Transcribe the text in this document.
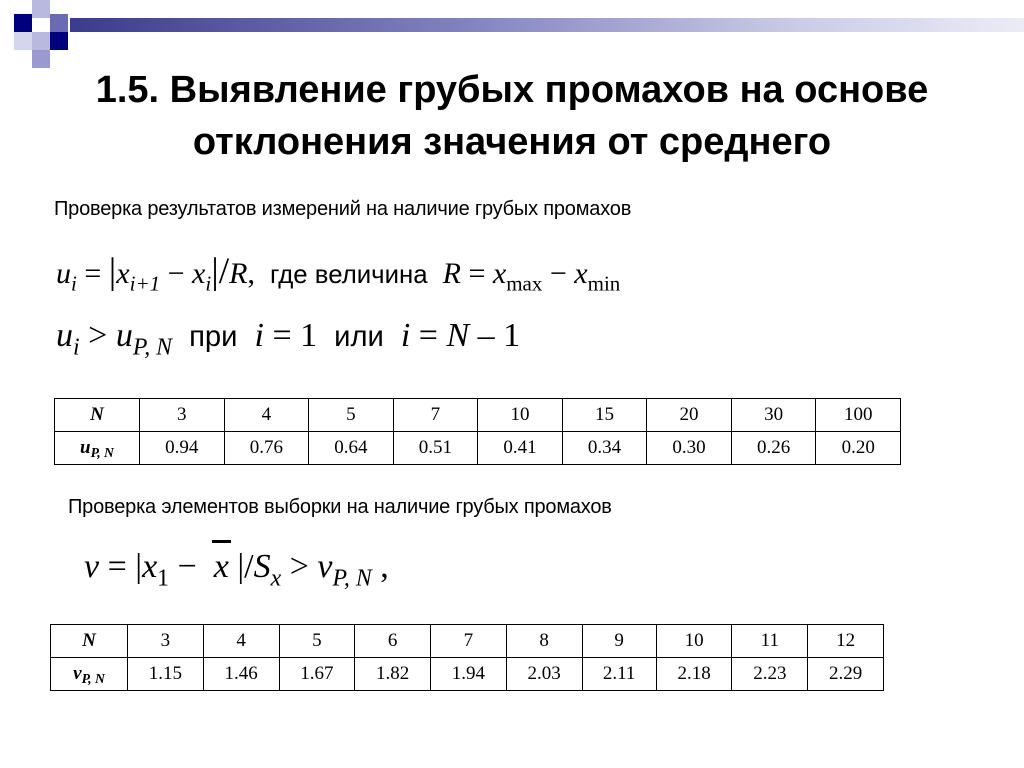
1.5. Выявление грубых промахов на основе
отклонения значения от среднего
Проверка результатов измерений на наличие грубых промахов
$u_i = |x_{i+1} - x_i|/R$, где величина $R = x_{max} - x_{min}$
$u_i > u_{P, N}$ при i = 1 или i = N – 1
N	3	4	5	7	10	15	20	30	100
$u_{P, N}$	0.94	0.76	0.64	0.51	0.41	0.34	0.30	0.26	0.20
Проверка элементов выборки на наличие грубых промахов
$v = |x_1$ −
x $|/S_x > v_{P, N}$ ,
N	3	4	5	6	7	8	9	10	11	12
$v_{P, N}$	1.15	1.46	1.67	1.82	1.94	2.03	2.11	2.18	2.23	2.29
